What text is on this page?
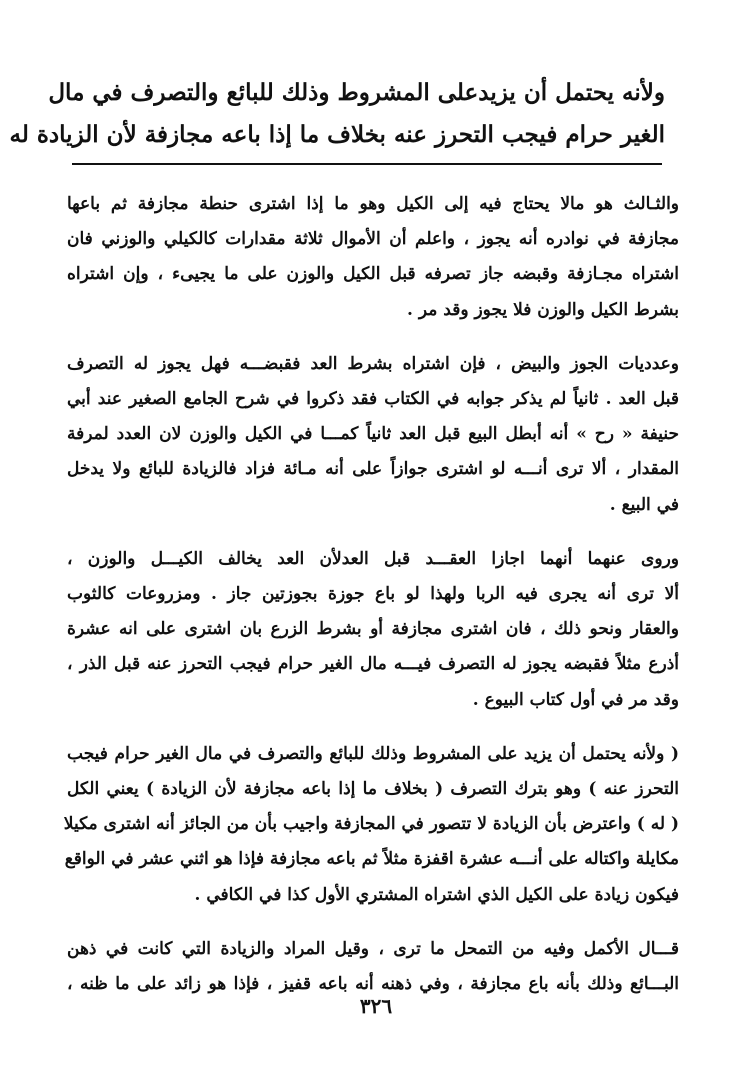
ولأنه يحتمل أن يزيدعلى المشروط وذلك للبائع والتصرف في مال
الغير حرام فيجب التحرز عنه بخلاف ما إذا باعه مجازفة لأن الزيادة له
والثـالث هو مالا يحتاج فيه إلى الكيل وهو ما إذا اشترى حنطة مجازفة ثم باعها
مجازفة في نوادره أنه يجوز ، واعلم أن الأموال ثلاثة مقدارات كالكيلي والوزني فان
اشتراه مجـازفة وقبضه جاز تصرفه قبل الكيل والوزن على ما يجيىء ، وإن اشتراه
بشرط الكيل والوزن فلا يجوز وقد مر .
وعدديات الجوز والبيض ، فإن اشتراه بشرط العد فقبضـــه فهل يجوز له التصرف
قبل العد . ثانياً لم يذكر جوابه في الكتاب فقد ذكروا في شرح الجامع الصغير عند أبي
حنيفة « رح » أنه أبطل البيع قبل العد ثانياً كمـــا في الكيل والوزن لان العدد لمرفة
المقدار ، ألا ترى أنـــه لو اشترى جوازاً على أنه مـائة فزاد فالزيادة للبائع ولا يدخل
في البيع .
وروى عنهما أنهما اجازا العقـــد قبل العدلأن العد يخالف الكيـــل والوزن ،
ألا ترى أنه يجرى فيه الربا ولهذا لو باع جوزة بجوزتين جاز . ومزروعات كالثوب
والعقار ونحو ذلك ، فان اشترى مجازفة أو بشرط الزرع بان اشترى على انه عشرة
أذرع مثلاً فقبضه يجوز له التصرف فيـــه مال الغير حرام فيجب التحرز عنه قبل الذر ،
وقد مر في أول كتاب البيوع .
( ولأنه يحتمل أن يزيد على المشروط وذلك للبائع والتصرف في مال الغير حرام فيجب
التحرز عنه ) وهو بترك التصرف ( بخلاف ما إذا باعه مجازفة لأن الزيادة ) يعني الكل
( له ) واعترض بأن الزيادة لا تتصور في المجازفة واجيب بأن من الجائز أنه اشترى مكيلا
مكايلة واكتاله على أنـــه عشرة اقفزة مثلاً ثم باعه مجازفة فإذا هو اثني عشر في الواقع
فيكون زيادة على الكيل الذي اشتراه المشتري الأول كذا في الكافي .
قـــال الأكمل وفيه من التمحل ما ترى ، وقيل المراد والزيادة التي كانت في ذهن
البـــائع وذلك بأنه باع مجازفة ، وفي ذهنه أنه باعه قفيز ، فإذا هو زائد على ما ظنه ،
٣٢٦
